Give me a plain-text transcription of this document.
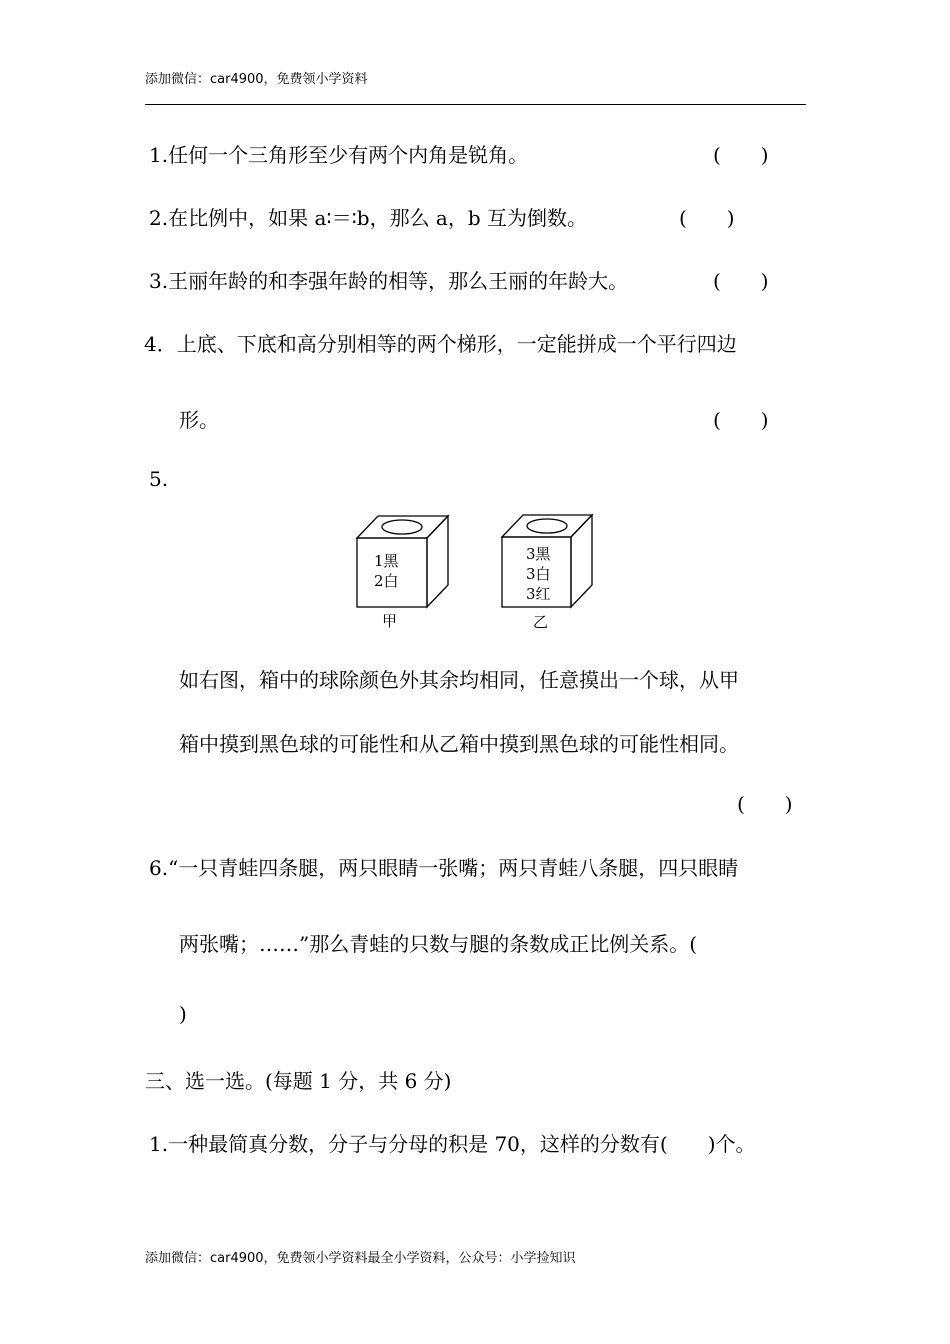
添加微信：car4900，免费领小学资料
1.任何一个三角形至少有两个内角是锐角。	(　　)
2.在比例中，如果 a∶＝∶b，那么 a，b 互为倒数。	(　　)
3.王丽年龄的和李强年龄的相等，那么王丽的年龄大。	(　　)
4．上底、下底和高分别相等的两个梯形，一定能拼成一个平行四边
形。	(　　)
5.
1黑
2白
甲
3黑
3白
3红
乙
如右图，箱中的球除颜色外其余均相同，任意摸出一个球，从甲
箱中摸到黑色球的可能性和从乙箱中摸到黑色球的可能性相同。
(　　)
6.“一只青蛙四条腿，两只眼睛一张嘴；两只青蛙八条腿，四只眼睛
两张嘴；……”那么青蛙的只数与腿的条数成正比例关系。(
)
三、选一选。(每题 1 分，共 6 分)
1.一种最简真分数，分子与分母的积是 70，这样的分数有(　　)个。
添加微信：car4900，免费领小学资料最全小学资料，公众号：小学捡知识
